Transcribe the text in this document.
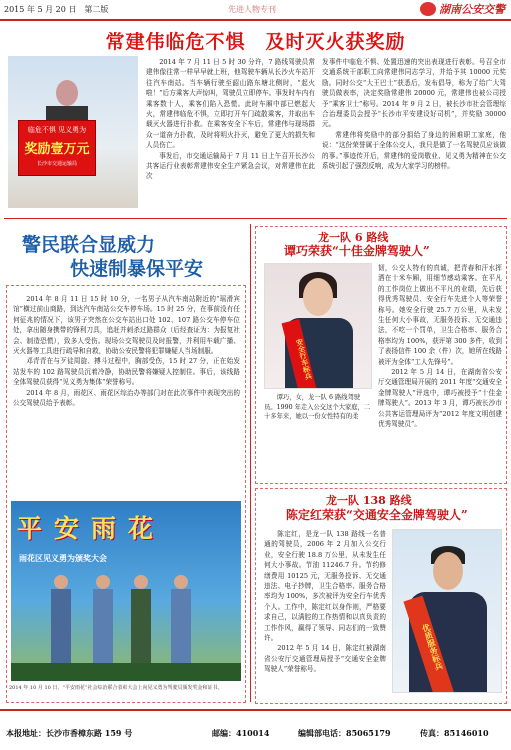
2015 年 5 月 20 日　 第二版	先进人物专刊	湖南公安交警
常建伟临危不惧　及时灭火获奖励
临危不惧 见义勇为
奖励壹万元
长沙市交通运输局

2014 年 7 月 11 日 5 时 30 分许，7 路线驾驶员常建伟像往常一样早早就上班，他驾驶车辆从长沙火车站开往汽车南站。当车辆行驶至韶山路东塘北侧时，“起火啦！”后方乘客大声惊叫，驾驶员立即停车。事发时车内有乘客数十人，乘客们陷入恐慌。此时车厢中部已燃起大火，常建伟临危不惧，立即打开车门疏散乘客，并取出车载灭火器进行扑救。在乘客安全下车后，常建伟与现场群众一道奋力扑救，及时将明火扑灭，避免了更大的损失和人员伤亡。

事发后，市交通运输局于 7 月 11 日上午召开长沙公共客运行业表彰常建伟安全生产紧急会议，对常建伟在此次

发事件中临危不惧、处置迅速的突出表现进行表彰。号召全市交通系统干部职工向常建伟同志学习，并给予其 10000 元奖励。同时公交“大王巴士”获悉后，发布倡导，称为了给广大驾驶员做表率，决定奖励常建伟 20000 元，常建伟也被公司授予“乘客卫士”称号。2014 年 9 月 2 日，被长沙市社会管理综合治理委员会授予“长沙市平安建设好司机”，并奖励 30000 元。

常建伟将奖励中的部分捐给了身边的困难职工家庭，他说：“这份荣誉属于全体公交人，我只是做了一名驾驶员应该做的事。”事迹传开后，常建伟的爱岗敬业、见义勇为精神在公交系统引起了强烈反响，成为大家学习的榜样。

警民联合显威力
快速制暴保平安

2014 年 8 月 11 日 15 时 10 分，一名男子从汽车南站附近的“瑶滑宾馆”横过前山商路，到达汽车南站公交车停车场。15 时 25 分，在事前没有任何征兆的情况下，该男子突然在公交车站出口处 102、107 路公交车停车位处，拿出随身携带的锋利刀具，追赶并刺杀过路群众（后经查证为：为报复社会、制造恐慌），致多人受伤。现场公交驾驶员及时报警，并利用车载广播、灭火器等工具进行疏导和自救，协助公安民警将犯罪嫌疑人当场制服。

邓青青在与歹徒周旋、搏斗过程中，胸部受伤，15 时 27 分，正在始发站发车的 102 路驾驶员沉着冷静，协助民警将嫌疑人控制住。事后，该线路全体驾驶员获得“见义勇为集体”荣誉称号。

2014 年 8 月，雨花区、雨花区综治办等部门对在此次事件中表现突出的公交驾驶员给予表彰。

平安雨花
雨花区见义勇为颁奖大会
2014 年 10 月 10 日，“平安雨花”社会综治联合表彰大会上向见义勇为驾驶员颁发奖金和证书。
龙一队 6 路线
谭巧荣获“十佳金牌驾驶人”
安全行车标兵
谭巧，女，龙一队 6 路线驾驶员。1990 年走入公交这个大家庭，二十多年来，她以一份女性特有的柔

韧，公交人特有的真诚，把青春和汗水挥洒在十米车厢，用细节感动乘客。在平凡的工作岗位上做出不平凡的业绩，先后获得优秀驾驶员、安全行车先进个人等荣誉称号。她安全行驶 25.7 万公里，从未发生任何大小事故，无服务投诉、无交通违法，不吃一个罚单，卫生合格率、服务合格率均为 100%，获评第 300 多件，收到了表扬信件 100 余（件）次，她所在线路被评为全体“工人先锋号”。

2012 年 5 月 14 日，在湖南省公安厅交通管理局开展的 2011 年度“交通安全金牌驾驶人”评选中，谭巧被授予“十佳金牌驾驶人”。2013 年 3 月，谭巧被长沙市公共客运管理局评为“2012 年度文明创建优秀驾驶员”。

龙一队 138 路线
陈定红荣获“交通安全金牌驾驶人”

陈定红，是龙一队 138 路线一名普通的驾驶员，2006 年 2 月加入公交行业，安全行驶 18.8 万公里，从未发生任何大小事故。节油 11246.7 升。节约修缮费用 10125 元，无服务投诉、无交通违法、电子抄牌，卫生合格率、服务合格率均为 100%，多次被评为安全行车优秀个人。工作中，陈定红以身作则，严格要求自己，以满腔的工作热情和以真负责的工作作风，赢得了领导、同志们的一致赞许。

2012 年 5 月 14 日，陈定红被湖南省公安厅交通管理局授予“交通安全金牌驾驶人”荣誉称号。	优质服务标兵
本报地址：长沙市香樟东路 159 号	邮编：410014	编辑部电话：85065179	传真：85146010
